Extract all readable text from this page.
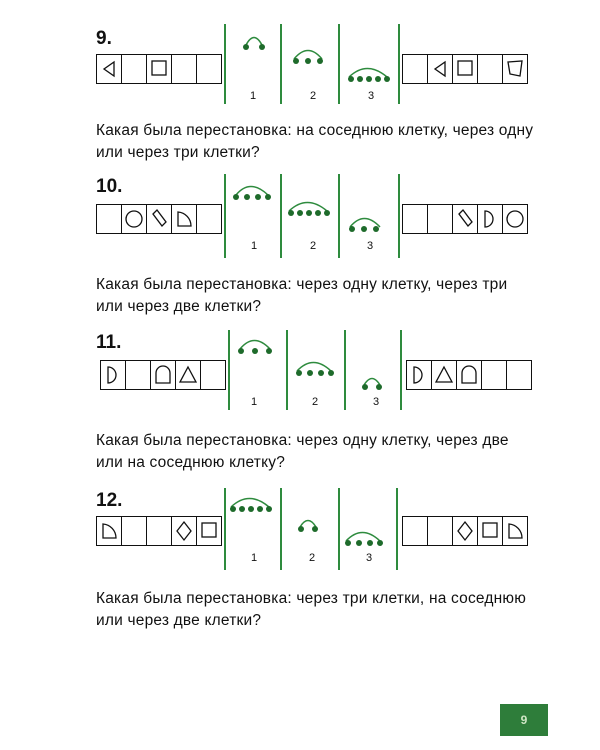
9.
1	2	3
Какая была перестановка: на соседнюю клетку, через одну или через три клетки?
10.
1	2	3
Какая была перестановка: через одну клетку, через три или через две клетки?
11.
1	2	3
Какая была перестановка: через одну клетку, через две или на соседнюю клетку?
12.
1	2	3
Какая была перестановка: через три клетки, на соседнюю или через две клетки?
9
